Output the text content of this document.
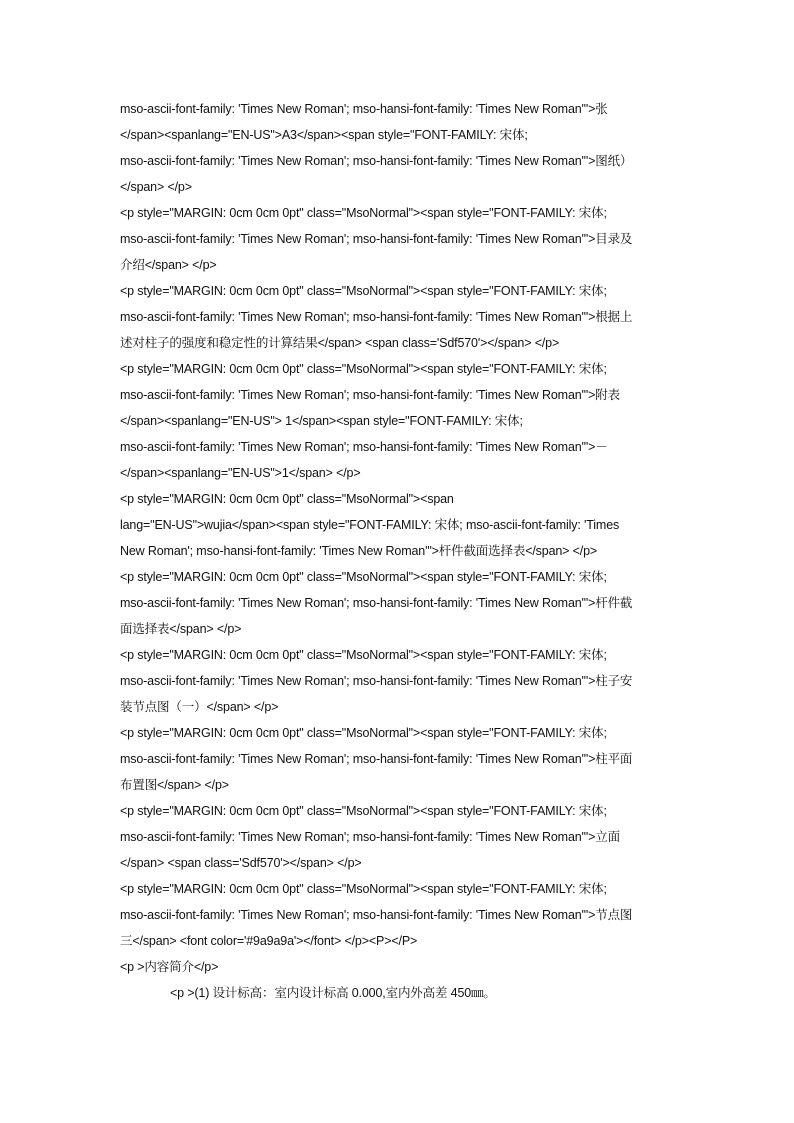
mso-ascii-font-family: 'Times New Roman'; mso-hansi-font-family: 'Times New Roman'">张
</span><spanlang="EN-US">A3</span><span style="FONT-FAMILY: 宋体;
mso-ascii-font-family: 'Times New Roman'; mso-hansi-font-family: 'Times New Roman'">图纸）
</span> </p>
<p style="MARGIN: 0cm 0cm 0pt" class="MsoNormal"><span style="FONT-FAMILY: 宋体;
mso-ascii-font-family: 'Times New Roman'; mso-hansi-font-family: 'Times New Roman'">目录及
介绍</span> </p>
<p style="MARGIN: 0cm 0cm 0pt" class="MsoNormal"><span style="FONT-FAMILY: 宋体;
mso-ascii-font-family: 'Times New Roman'; mso-hansi-font-family: 'Times New Roman'">根据上
述对柱子的强度和稳定性的计算结果</span> <span class='Sdf570'></span> </p>
<p style="MARGIN: 0cm 0cm 0pt" class="MsoNormal"><span style="FONT-FAMILY: 宋体;
mso-ascii-font-family: 'Times New Roman'; mso-hansi-font-family: 'Times New Roman'">附表
</span><spanlang="EN-US"> 1</span><span style="FONT-FAMILY: 宋体;
mso-ascii-font-family: 'Times New Roman'; mso-hansi-font-family: 'Times New Roman'">－
</span><spanlang="EN-US">1</span> </p>
<p style="MARGIN: 0cm 0cm 0pt" class="MsoNormal"><span
lang="EN-US">wujia</span><span style="FONT-FAMILY: 宋体; mso-ascii-font-family: 'Times
New Roman'; mso-hansi-font-family: 'Times New Roman'">杆件截面选择表</span> </p>
<p style="MARGIN: 0cm 0cm 0pt" class="MsoNormal"><span style="FONT-FAMILY: 宋体;
mso-ascii-font-family: 'Times New Roman'; mso-hansi-font-family: 'Times New Roman'">杆件截
面选择表</span> </p>
<p style="MARGIN: 0cm 0cm 0pt" class="MsoNormal"><span style="FONT-FAMILY: 宋体;
mso-ascii-font-family: 'Times New Roman'; mso-hansi-font-family: 'Times New Roman'">柱子安
装节点图（一）</span> </p>
<p style="MARGIN: 0cm 0cm 0pt" class="MsoNormal"><span style="FONT-FAMILY: 宋体;
mso-ascii-font-family: 'Times New Roman'; mso-hansi-font-family: 'Times New Roman'">柱平面
布置图</span> </p>
<p style="MARGIN: 0cm 0cm 0pt" class="MsoNormal"><span style="FONT-FAMILY: 宋体;
mso-ascii-font-family: 'Times New Roman'; mso-hansi-font-family: 'Times New Roman'">立面
</span> <span class='Sdf570'></span> </p>
<p style="MARGIN: 0cm 0cm 0pt" class="MsoNormal"><span style="FONT-FAMILY: 宋体;
mso-ascii-font-family: 'Times New Roman'; mso-hansi-font-family: 'Times New Roman'">节点图
三</span> <font color='#9a9a9a'></font> </p><P></P>
<p >内容简介</p>
<p >(1) 设计标高：室内设计标高 0.000,室内外高差 450㎜。
